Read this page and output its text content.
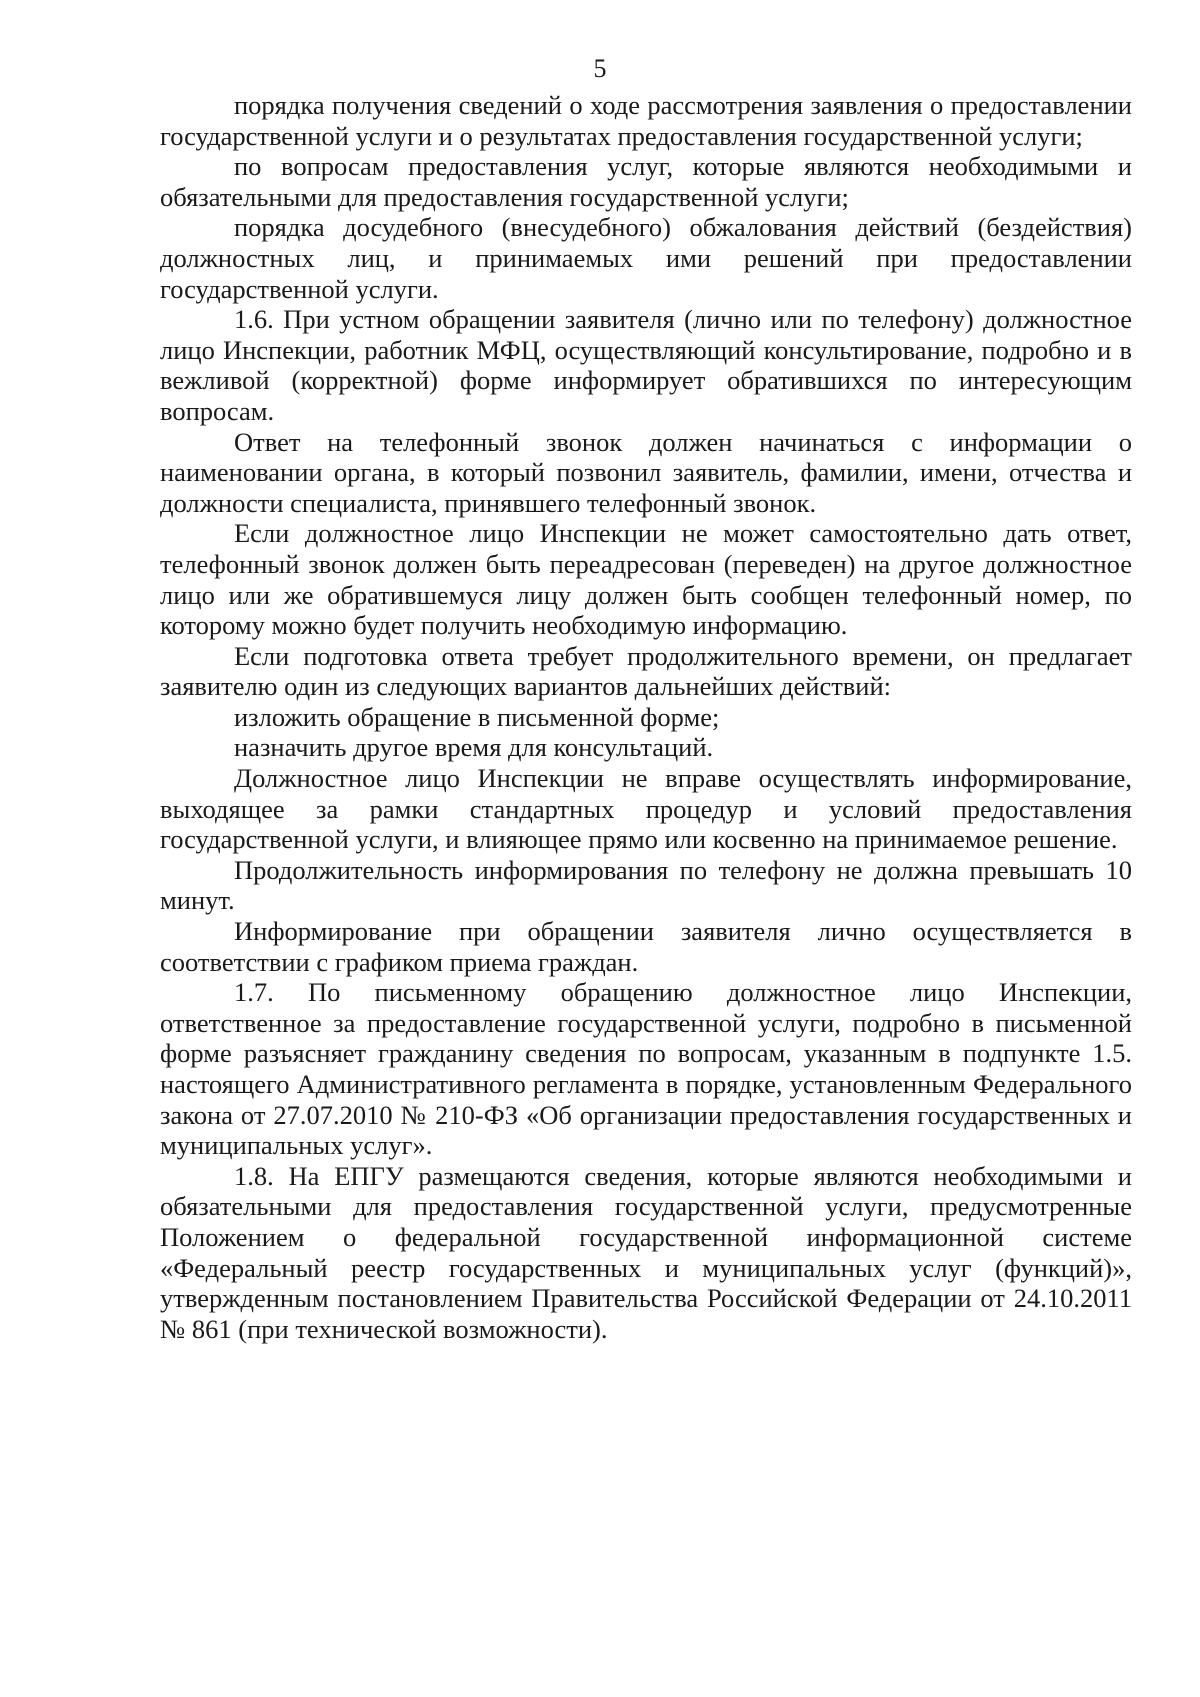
5

порядка получения сведений о ходе рассмотрения заявления о предоставлении государственной услуги и о результатах предоставления государственной услуги;

по вопросам предоставления услуг, которые являются необходимыми и обязательными для предоставления государственной услуги;

порядка досудебного (внесудебного) обжалования действий (бездействия) должностных лиц, и принимаемых ими решений при предоставлении государственной услуги.

1.6. При устном обращении заявителя (лично или по телефону) должностное лицо Инспекции, работник МФЦ, осуществляющий консультирование, подробно и в вежливой (корректной) форме информирует обратившихся по интересующим вопросам.

Ответ на телефонный звонок должен начинаться с информации о наименовании органа, в который позвонил заявитель, фамилии, имени, отчества и должности специалиста, принявшего телефонный звонок.

Если должностное лицо Инспекции не может самостоятельно дать ответ, телефонный звонок должен быть переадресован (переведен) на другое должностное лицо или же обратившемуся лицу должен быть сообщен телефонный номер, по которому можно будет получить необходимую информацию.

Если подготовка ответа требует продолжительного времени, он предлагает заявителю один из следующих вариантов дальнейших действий:

изложить обращение в письменной форме;

назначить другое время для консультаций.

Должностное лицо Инспекции не вправе осуществлять информирование, выходящее за рамки стандартных процедур и условий предоставления государственной услуги, и влияющее прямо или косвенно на принимаемое решение.

Продолжительность информирования по телефону не должна превышать 10 минут.

Информирование при обращении заявителя лично осуществляется в соответствии с графиком приема граждан.

1.7. По письменному обращению должностное лицо Инспекции, ответственное за предоставление государственной услуги, подробно в письменной форме разъясняет гражданину сведения по вопросам, указанным в подпункте 1.5. настоящего Административного регламента в порядке, установленным Федерального закона от 27.07.2010 № 210-ФЗ «Об организации предоставления государственных и муниципальных услуг».

1.8. На ЕПГУ размещаются сведения, которые являются необходимыми и обязательными для предоставления государственной услуги, предусмотренные Положением о федеральной государственной информационной системе «Федеральный реестр государственных и муниципальных услуг (функций)», утвержденным постановлением Правительства Российской Федерации от 24.10.2011 № 861 (при технической возможности).
